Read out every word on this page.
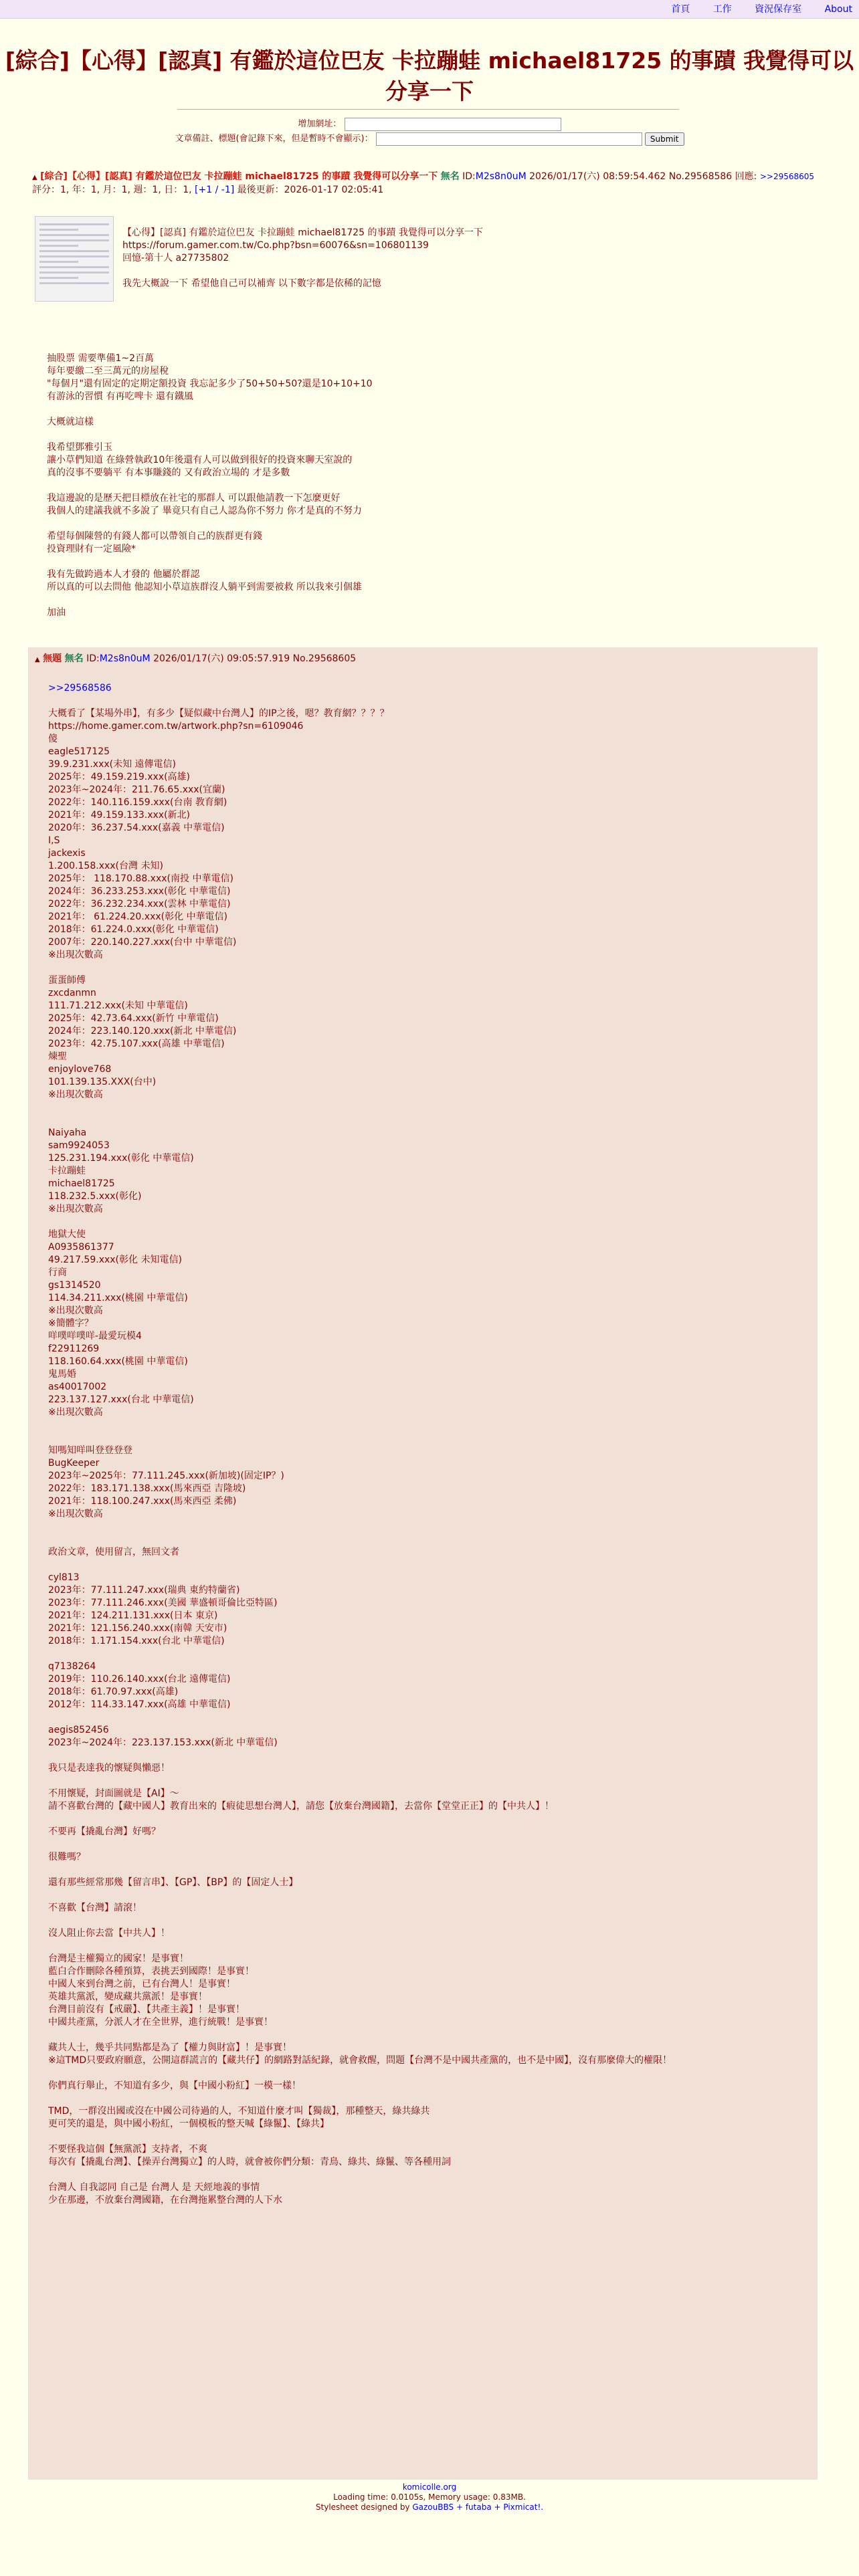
首頁 工作 資況保存室 About
[綜合]【心得】[認真] 有鑑於這位巴友 卡拉蹦蛙 michael81725 的事蹟 我覺得可以分享一下
增加網址：
文章備註、標題(會記錄下來，但是暫時不會顯示)：	Submit
▲ [綜合]【心得】[認真] 有鑑於這位巴友 卡拉蹦蛙 michael81725 的事蹟 我覺得可以分享一下 無名 ID:M2s8n0uM 2026/01/17(六) 08:59:54.462 No.29568586 回應: >>29568605
評分：1, 年：1, 月：1, 週：1, 日：1, [+1 / -1] 最後更新：2026-01-17 02:05:41
【心得】[認真] 有鑑於這位巴友 卡拉蹦蛙 michael81725 的事蹟 我覺得可以分享一下
https://forum.gamer.com.tw/Co.php?bsn=60076&sn=106801139
回憶-第十人 a27735802

我先大概說一下 希望他自己可以補齊 以下數字都是依稀的記憶
抽股票 需要準備1~2百萬
每年要繳二至三萬元的房屋稅
"每個月"還有固定的定期定額投資 我忘記多少了50+50+50?還是10+10+10
有游泳的習慣 有再吃啤卡 還有鐵風

大概就這樣

我希望鄧雅引玉
讓小草們知道 在綠營執政10年後還有人可以做到很好的投資來聊天室說的
真的沒事不要躺平 有本事賺錢的 又有政治立場的 才是多數

我這邊說的是歷天把目標放在社宅的那群人 可以跟他請教一下怎麼更好
我個人的建議我就不多說了 畢竟只有自己人認為你不努力 你才是真的不努力

希望每個陳營的有錢人都可以帶領自己的族群更有錢
投資理財有一定風險*

我有先做跨過本人才發的 他屬於群認
所以真的可以去問他 他認知小草這族群沒人躺平到需要被救 所以我來引個雄

加油
▲ 無題 無名 ID:M2s8n0uM 2026/01/17(六) 09:05:57.919 No.29568605
>>29568586

大概看了【某場外串】，有多少【疑似藏中台灣人】的IP之後，嗯？教育網？？？？
https://home.gamer.com.tw/artwork.php?sn=6109046
傻
eagle517125
39.9.231.xxx(未知 遠傳電信)
2025年：49.159.219.xxx(高雄)
2023年~2024年：211.76.65.xxx(宜蘭)
2022年：140.116.159.xxx(台南 教育網)
2021年：49.159.133.xxx(新北)
2020年：36.237.54.xxx(嘉義 中華電信)
I,S
jackexis
1.200.158.xxx(台灣 未知)
2025年： 118.170.88.xxx(南投 中華電信)
2024年：36.233.253.xxx(彰化 中華電信)
2022年：36.232.234.xxx(雲林 中華電信)
2021年： 61.224.20.xxx(彰化 中華電信)
2018年：61.224.0.xxx(彰化 中華電信)
2007年：220.140.227.xxx(台中 中華電信)
※出現次數高

蛋蛋師傅
zxcdanmn
111.71.212.xxx(未知 中華電信)
2025年：42.73.64.xxx(新竹 中華電信)
2024年：223.140.120.xxx(新北 中華電信)
2023年：42.75.107.xxx(高雄 中華電信)
煉聖
enjoylove768
101.139.135.XXX(台中)
※出現次數高

Naiyaha
sam9924053
125.231.194.xxx(彰化 中華電信)
卡拉蹦蛙
michael81725
118.232.5.xxx(彰化)
※出現次數高

地獄大使
A0935861377
49.217.59.xxx(彰化 未知電信)
行商
gs1314520
114.34.211.xxx(桃園 中華電信)
※出現次數高
※簡體字？
咩噗咩噗咩-最愛玩模4
f22911269
118.160.64.xxx(桃園 中華電信)
鬼馬婚
as40017002
223.137.127.xxx(台北 中華電信)
※出現次數高

知嗎知咩叫登登登登
BugKeeper
2023年~2025年：77.111.245.xxx(新加坡)(固定IP？)
2022年：183.171.138.xxx(馬來西亞 吉隆坡)
2021年：118.100.247.xxx(馬來西亞 柔佛)
※出現次數高

政治文章，使用留言，無回文者

cyl813
2023年：77.111.247.xxx(瑞典 東約特蘭省)
2023年：77.111.246.xxx(美國 華盛頓哥倫比亞特區)
2021年：124.211.131.xxx(日本 東京)
2021年：121.156.240.xxx(南韓 天安市)
2018年：1.171.154.xxx(台北 中華電信)

q7138264
2019年：110.26.140.xxx(台北 遠傳電信)
2018年：61.70.97.xxx(高雄)
2012年：114.33.147.xxx(高雄 中華電信)

aegis852456
2023年~2024年：223.137.153.xxx(新北 中華電信)

我只是表達我的懷疑與懶惡！

不用懷疑，封面圖就是【AI】～
請不喜歡台灣的【藏中國人】教育出來的【瘕徒思想台灣人】，請您【放棄台灣國籍】，去當你【堂堂正正】的【中共人】！

不要再【撬亂台灣】好嗎？

很難嗎？

還有那些經常那幾【留言串】、【GP】、【BP】的【固定人士】

不喜歡【台灣】請滾！

沒人阻止你去當【中共人】！

台灣是主權獨立的國家！是事實！
藍白合作刪除各種預算，表挑丟到國際！是事實！
中國人來到台灣之前，已有台灣人！是事實！
英雄共黨派，變成藏共黨派！是事實！
台灣目前沒有【戒嚴】、【共產主義】！是事實！
中國共產黨，分派人才在全世界，進行統戰！是事實！

藏共人士，幾乎共同點都是為了【權力與財富】！是事實！
※這TMD只要政府願意，公開這群謊言的【藏共仔】的網路對話紀錄，就會救醒，問題【台灣不是中國共產黨的，也不是中國】，沒有那麼偉大的權限！

你們真行舉止，不知道有多少，與【中國小粉紅】一模一樣！

TMD，一群沒出國或沒在中國公司待過的人，不知道什麼才叫【獨裁】，那種整天，綠共綠共
更可笑的還是，與中國小粉紅，一個模板的整天喊【綠鬣】、【綠共】

不要怪我這個【無黨派】支持者，不爽
每次有【撬亂台灣】、【操弄台灣獨立】的人時，就會被你們分類：青鳥、綠共、綠鬣、等各種用詞

台灣人 自我認同 自己是 台灣人 是 天經地義的事情
少在那邊，不放棄台灣國籍，在台灣拖累整台灣的人下水
komicolle.org
Loading time: 0.0105s, Memory usage: 0.83MB.
Stylesheet designed by GazouBBS + futaba + Pixmicat!.
